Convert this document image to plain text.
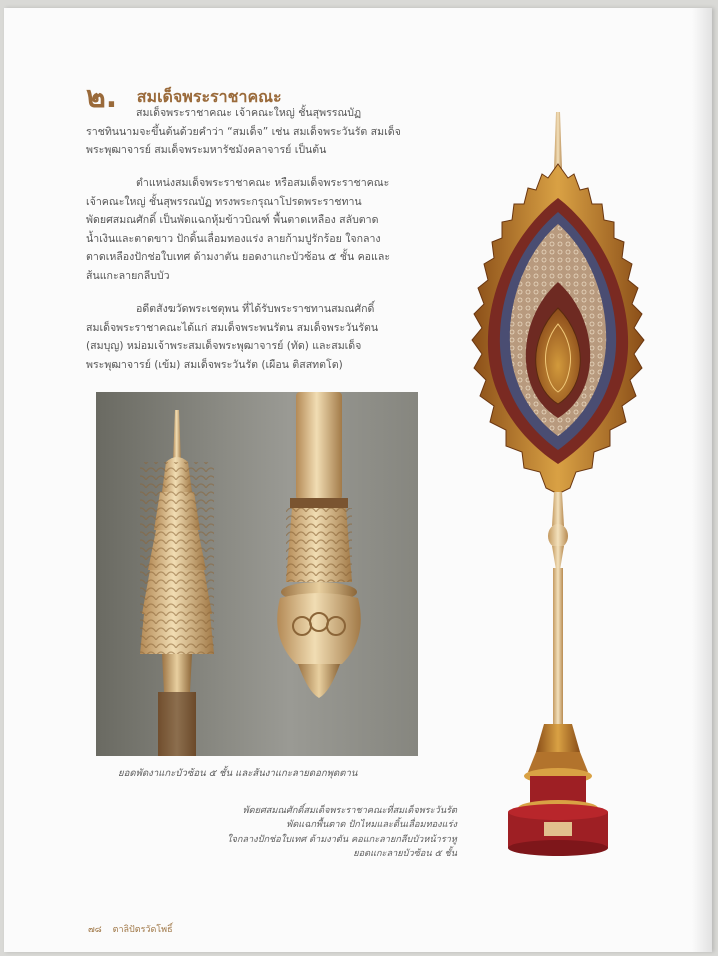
๒. สมเด็จพระราชาคณะ
สมเด็จพระราชาคณะ เจ้าคณะใหญ่ ชั้นสุพรรณบัฏ
ราชทินนามจะขึ้นต้นด้วยคำว่า “สมเด็จ” เช่น สมเด็จพระวันรัต สมเด็จ
พระพุฒาจารย์ สมเด็จพระมหารัชมังคลาจารย์ เป็นต้น
ตำแหน่งสมเด็จพระราชาคณะ หรือสมเด็จพระราชาคณะ
เจ้าคณะใหญ่ ชั้นสุพรรณบัฏ ทรงพระกรุณาโปรดพระราชทาน
พัดยศสมณศักดิ์ เป็นพัดแฉกหุ้มข้าวบิณฑ์ พื้นตาดเหลือง สลับตาด
น้ำเงินและตาดขาว ปักดิ้นเลื่อมทองแร่ง ลายก้ามปูรักร้อย ใจกลาง
ตาดเหลืองปักช่อใบเทศ ด้ามงาตัน ยอดงาแกะบัวซ้อน ๕ ชั้น คอและ
ส้นแกะลายกลีบบัว
อดีตสังฆวัดพระเชตุพน ที่ได้รับพระราชทานสมณศักดิ์
สมเด็จพระราชาคณะได้แก่ สมเด็จพระพนรัตน สมเด็จพระวันรัตน
(สมบุญ) หม่อมเจ้าพระสมเด็จพระพุฒาจารย์ (ทัด) และสมเด็จ
พระพุฒาจารย์ (เข้ม) สมเด็จพระวันรัต (เผือน ติสสทตโต)
ยอดพัดงาแกะบัวซ้อน ๕ ชั้น และส้นงาแกะลายดอกพุดตาน
พัดยศสมณศักดิ์สมเด็จพระราชาคณะที่สมเด็จพระวันรัต
พัดแฉกพื้นตาด ปักไหมและดิ้นเลื่อมทองแร่ง
ใจกลางปักช่อใบเทศ ด้ามงาตัน คอแกะลายกลีบบัวหน้าราหู
ยอดแกะลายบัวซ้อน ๕ ชั้น
๗๘ ตาลิปัตรวัดโพธิ์
